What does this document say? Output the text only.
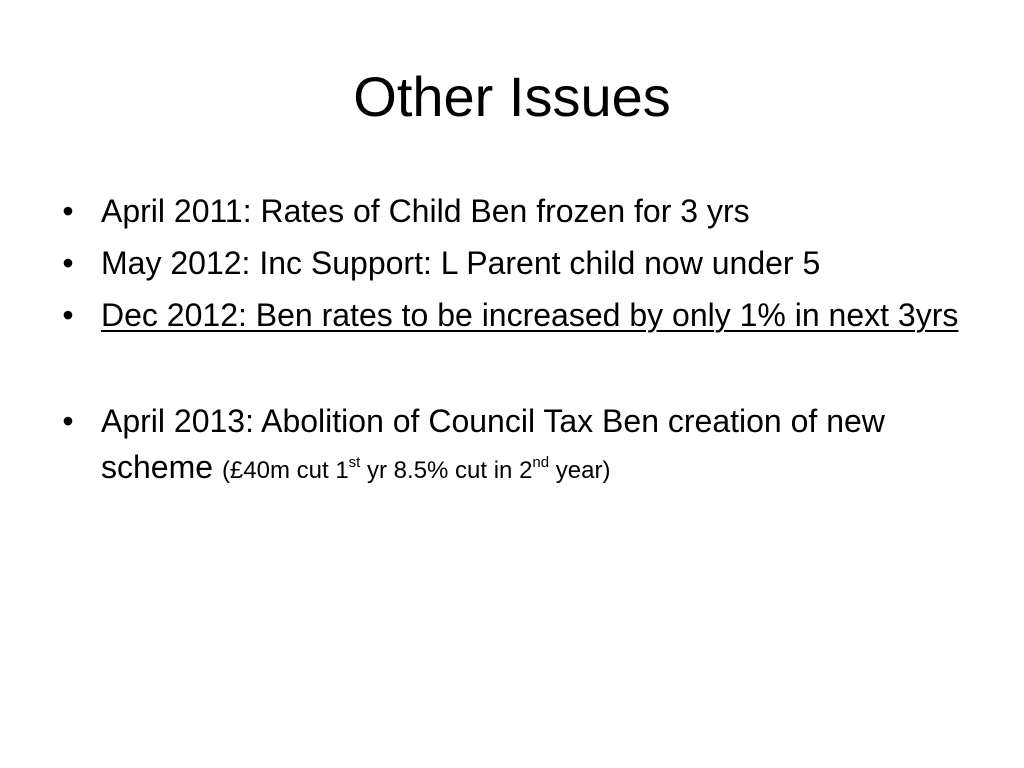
Other Issues
• April 2011: Rates of Child Ben frozen for 3 yrs
• May 2012: Inc Support: L Parent child now under 5
• Dec 2012: Ben rates to be increased by only 1% in next 3yrs
• April 2013: Abolition of Council Tax Ben creation of new scheme (£40m cut 1st yr 8.5% cut in 2nd year)
